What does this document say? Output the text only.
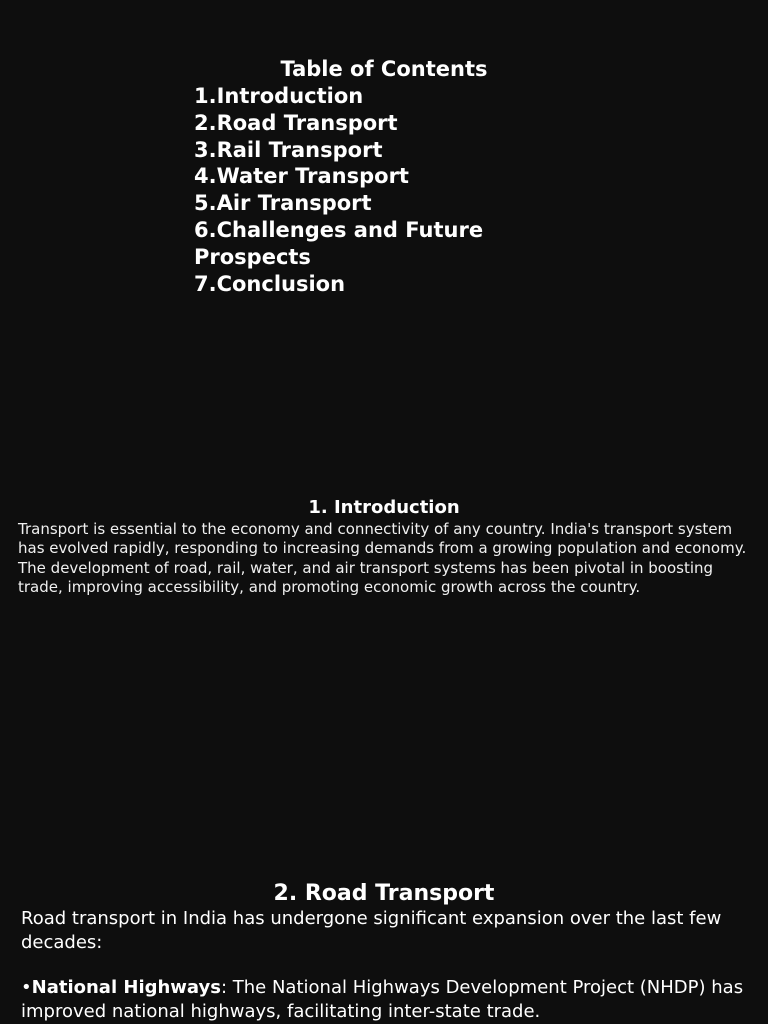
Table of Contents
1.Introduction
2.Road Transport
3.Rail Transport
4.Water Transport
5.Air Transport
6.Challenges and Future Prospects
7.Conclusion
1. Introduction
Transport is essential to the economy and connectivity of any country. India's transport system has evolved rapidly, responding to increasing demands from a growing population and economy. The development of road, rail, water, and air transport systems has been pivotal in boosting trade, improving accessibility, and promoting economic growth across the country.
2. Road Transport
Road transport in India has undergone significant expansion over the last few decades:
•National Highways: The National Highways Development Project (NHDP) has improved national highways, facilitating inter-state trade.
